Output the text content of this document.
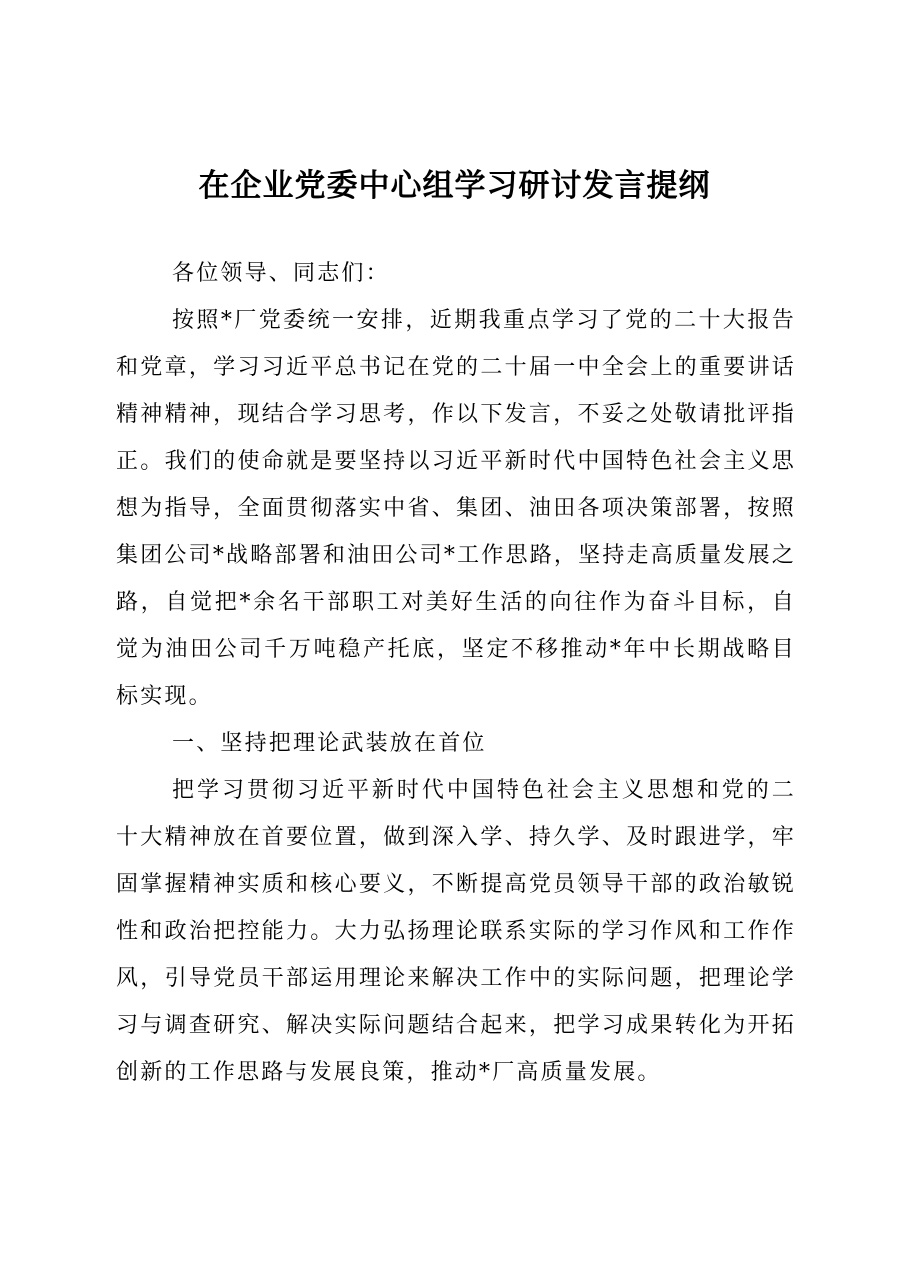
在企业党委中心组学习研讨发言提纲

各位领导、同志们：

按照*厂党委统一安排，近期我重点学习了党的二十大报告和党章，学习习近平总书记在党的二十届一中全会上的重要讲话精神精神，现结合学习思考，作以下发言，不妥之处敬请批评指正。我们的使命就是要坚持以习近平新时代中国特色社会主义思想为指导，全面贯彻落实中省、集团、油田各项决策部署，按照集团公司*战略部署和油田公司*工作思路，坚持走高质量发展之路，自觉把*余名干部职工对美好生活的向往作为奋斗目标，自觉为油田公司千万吨稳产托底，坚定不移推动*年中长期战略目标实现。

一、坚持把理论武装放在首位

把学习贯彻习近平新时代中国特色社会主义思想和党的二十大精神放在首要位置，做到深入学、持久学、及时跟进学，牢固掌握精神实质和核心要义，不断提高党员领导干部的政治敏锐性和政治把控能力。大力弘扬理论联系实际的学习作风和工作作风，引导党员干部运用理论来解决工作中的实际问题，把理论学习与调查研究、解决实际问题结合起来，把学习成果转化为开拓创新的工作思路与发展良策，推动*厂高质量发展。
